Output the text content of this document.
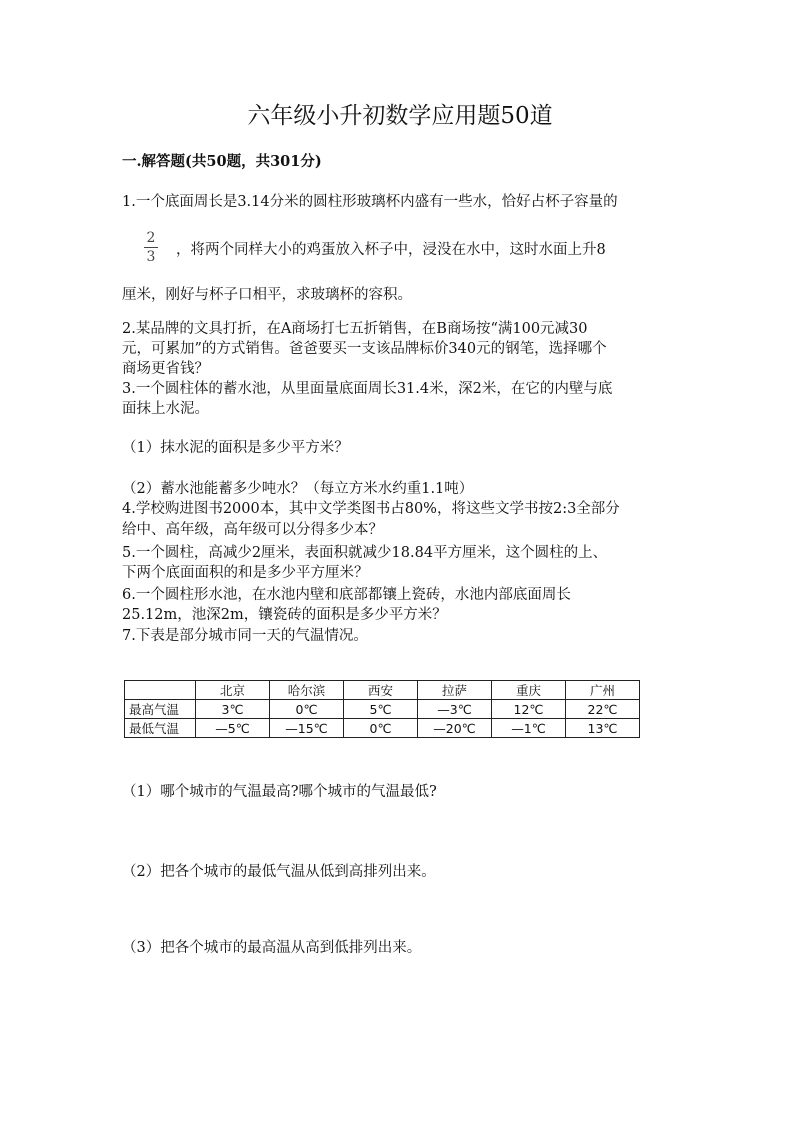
六年级小升初数学应用题50道
一.解答题(共50题，共301分)
1.一个底面周长是3.14分米的圆柱形玻璃杯内盛有一些水，恰好占杯子容量的
2
3 ，将两个同样大小的鸡蛋放入杯子中，浸没在水中，这时水面上升8
厘米，刚好与杯子口相平，求玻璃杯的容积。
2.某品牌的文具打折，在A商场打七五折销售，在B商场按“满100元减30
元，可累加”的方式销售。爸爸要买一支该品牌标价340元的钢笔，选择哪个
商场更省钱？
3.一个圆柱体的蓄水池，从里面量底面周长31.4米，深2米，在它的内壁与底
面抹上水泥。
（1）抹水泥的面积是多少平方米？
（2）蓄水池能蓄多少吨水？（每立方米水约重1.1吨）
4.学校购进图书2000本，其中文学类图书占80%，将这些文学书按2:3全部分
给中、高年级，高年级可以分得多少本？
5.一个圆柱，高减少2厘米，表面积就减少18.84平方厘米，这个圆柱的上、
下两个底面面积的和是多少平方厘米？
6.一个圆柱形水池，在水池内壁和底部都镶上瓷砖，水池内部底面周长
25.12m，池深2m，镶瓷砖的面积是多少平方米？
7.下表是部分城市同一天的气温情况。
	北京	哈尔滨	西安	拉萨	重庆	广州
最高气温	3℃	0℃	5℃	—3℃	12℃	22℃
最低气温	—5℃	—15℃	0℃	—20℃	—1℃	13℃
（1）哪个城市的气温最高?哪个城市的气温最低?
（2）把各个城市的最低气温从低到高排列出来。
（3）把各个城市的最高温从高到低排列出来。
